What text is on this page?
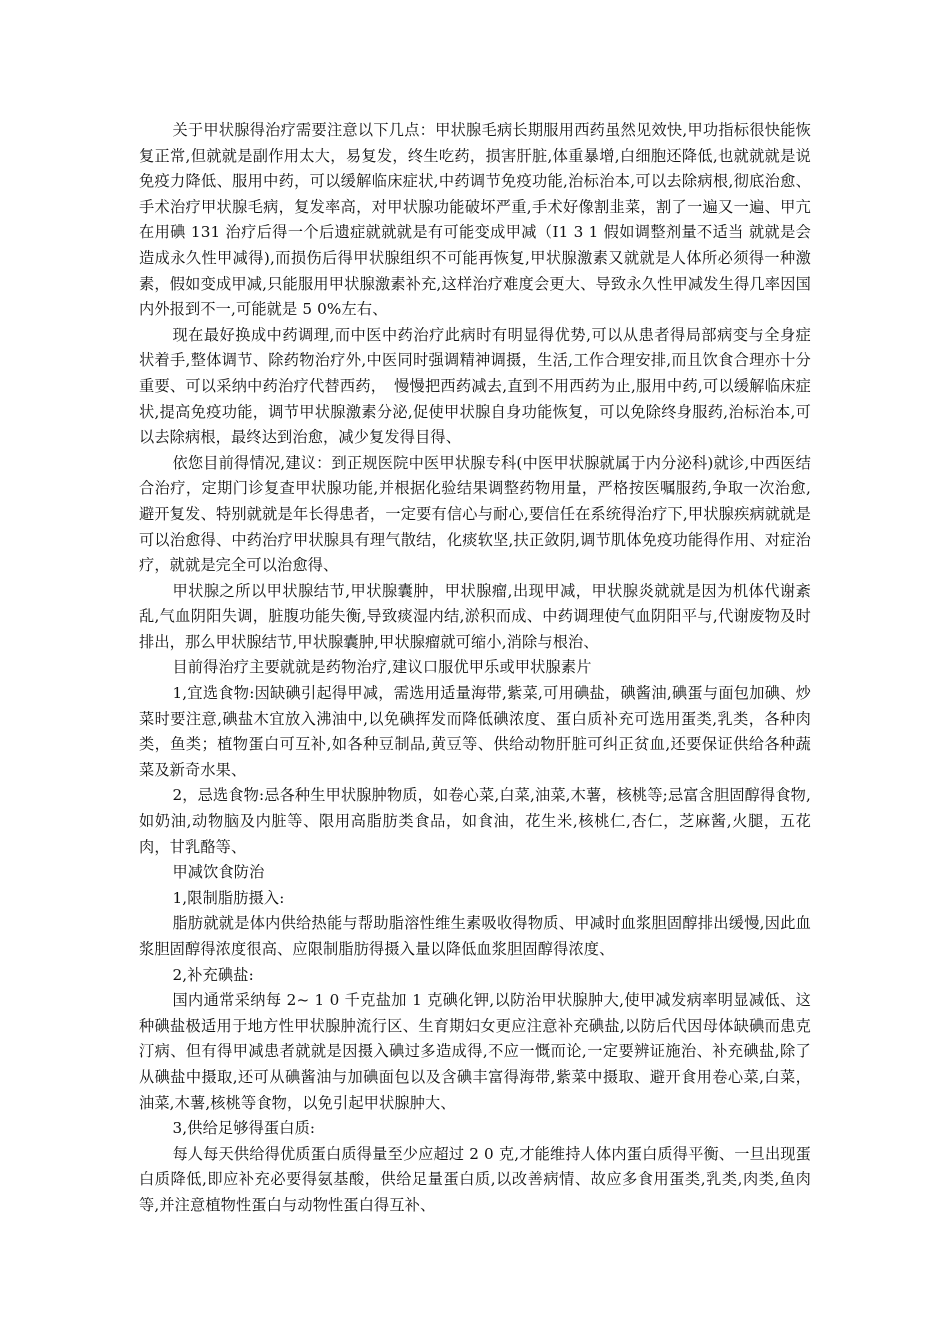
关于甲状腺得治疗需要注意以下几点：甲状腺毛病长期服用西药虽然见效快,甲功指标很快能恢复正常,但就就是副作用太大，易复发，终生吃药，损害肝脏,体重暴增,白细胞还降低,也就就就是说免疫力降低、服用中药，可以缓解临床症状,中药调节免疫功能,治标治本,可以去除病根,彻底治愈、手术治疗甲状腺毛病，复发率高，对甲状腺功能破坏严重,手术好像割韭菜，割了一遍又一遍、甲亢在用碘 131 治疗后得一个后遗症就就就是有可能变成甲减（I1 3 1 假如调整剂量不适当 就就是会造成永久性甲减得),而损伤后得甲状腺组织不可能再恢复,甲状腺激素又就就是人体所必须得一种激素，假如变成甲减,只能服用甲状腺激素补充,这样治疗难度会更大、导致永久性甲减发生得几率因国内外报到不一,可能就是 5 0%左右、

现在最好换成中药调理,而中医中药治疗此病时有明显得优势,可以从患者得局部病变与全身症状着手,整体调节、除药物治疗外,中医同时强调精神调摄，生活,工作合理安排,而且饮食合理亦十分重要、可以采纳中药治疗代替西药，　慢慢把西药减去,直到不用西药为止,服用中药,可以缓解临床症状,提高免疫功能，调节甲状腺激素分泌,促使甲状腺自身功能恢复，可以免除终身服药,治标治本,可以去除病根，最终达到治愈，减少复发得目得、

依您目前得情况,建议：到正规医院中医甲状腺专科(中医甲状腺就属于内分泌科)就诊,中西医结合治疗，定期门诊复查甲状腺功能,并根据化验结果调整药物用量，严格按医嘱服药,争取一次治愈,避开复发、特别就就是年长得患者，一定要有信心与耐心,要信任在系统得治疗下,甲状腺疾病就就是可以治愈得、中药治疗甲状腺具有理气散结，化痰软坚,扶正敛阴,调节肌体免疫功能得作用、对症治疗，就就是完全可以治愈得、

甲状腺之所以甲状腺结节,甲状腺囊肿，甲状腺瘤,出现甲减，甲状腺炎就就是因为机体代谢紊乱,气血阴阳失调，脏腹功能失衡,导致痰湿内结,淤积而成、中药调理使气血阴阳平与,代谢废物及时排出，那么甲状腺结节,甲状腺囊肿,甲状腺瘤就可缩小,消除与根治、

目前得治疗主要就就是药物治疗,建议口服优甲乐或甲状腺素片

1,宜选食物:因缺碘引起得甲减，需选用适量海带,紫菜,可用碘盐，碘酱油,碘蛋与面包加碘、炒菜时要注意,碘盐木宜放入沸油中,以免碘挥发而降低碘浓度、蛋白质补充可选用蛋类,乳类，各种肉类，鱼类；植物蛋白可互补,如各种豆制品,黄豆等、供给动物肝脏可纠正贫血,还要保证供给各种蔬菜及新奇水果、

2，忌选食物:忌各种生甲状腺肿物质，如卷心菜,白菜,油菜,木薯，核桃等;忌富含胆固醇得食物,如奶油,动物脑及内脏等、限用高脂肪类食品，如食油，花生米,核桃仁,杏仁，芝麻酱,火腿，五花肉，甘乳酪等、

甲减饮食防治

1,限制脂肪摄入:

脂肪就就是体内供给热能与帮助脂溶性维生素吸收得物质、甲减时血浆胆固醇排出缓慢,因此血浆胆固醇得浓度很高、应限制脂肪得摄入量以降低血浆胆固醇得浓度、

2,补充碘盐:

国内通常采纳每 2~ 1 0 千克盐加 1 克碘化钾,以防治甲状腺肿大,使甲减发病率明显减低、这种碘盐极适用于地方性甲状腺肿流行区、生育期妇女更应注意补充碘盐,以防后代因母体缺碘而患克汀病、但有得甲减患者就就是因摄入碘过多造成得,不应一慨而论,一定要辨证施治、补充碘盐,除了从碘盐中摄取,还可从碘酱油与加碘面包以及含碘丰富得海带,紫菜中摄取、避开食用卷心菜,白菜，油菜,木薯,核桃等食物，以免引起甲状腺肿大、

3,供给足够得蛋白质:

每人每天供给得优质蛋白质得量至少应超过 2 0 克,才能维持人体内蛋白质得平衡、一旦出现蛋白质降低,即应补充必要得氨基酸，供给足量蛋白质,以改善病情、故应多食用蛋类,乳类,肉类,鱼肉等,并注意植物性蛋白与动物性蛋白得互补、
